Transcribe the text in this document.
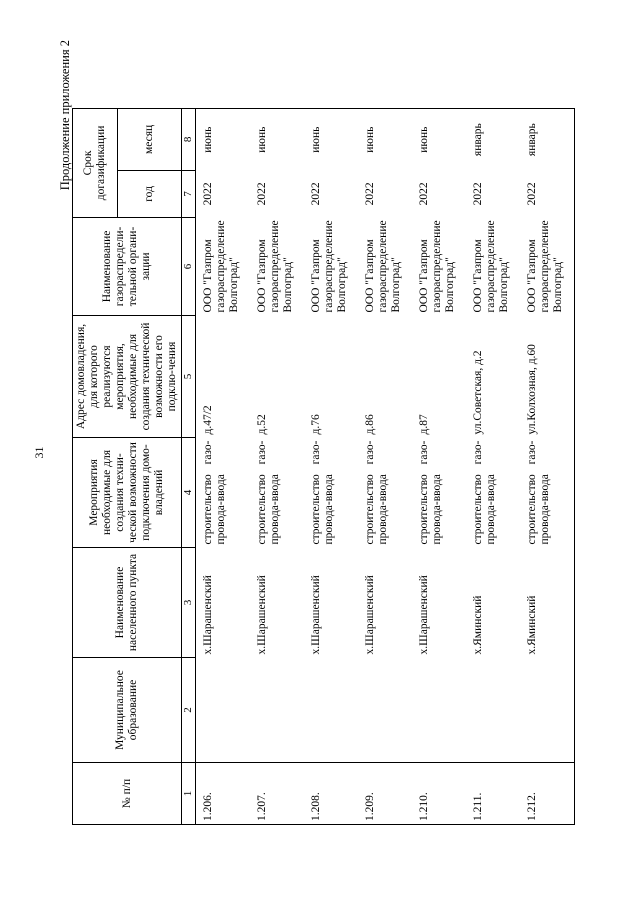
31
Продолжение приложения 2
№ п/п	Муниципальное образование	Наименование населенного пункта	Мероприятия необходимые для создания техни-ческой возможности подключения домо-владений	Адрес домовладения, для которого реализуются мероприятия, необходимые для создания технической возможности его подклю-чения	Наименование газораспредели-тельной органи-зации	Срок догазификации	
						год	месяц
1	2	3	4	5	6	7	8
1.206.		х.Шарашенский	строительство газо- провода-ввода	д.47/2	ООО "Газпром газораспределение Волгоград"	2022	июнь
1.207.		х.Шарашенский	строительство газо- провода-ввода	д.52	ООО "Газпром газораспределение Волгоград"	2022	июнь
1.208.		х.Шарашенский	строительство газо- провода-ввода	д.76	ООО "Газпром газораспределение Волгоград"	2022	июнь
1.209.		х.Шарашенский	строительство газо- провода-ввода	д.86	ООО "Газпром газораспределение Волгоград"	2022	июнь
1.210.		х.Шарашенский	строительство газо- провода-ввода	д.87	ООО "Газпром газораспределение Волгоград"	2022	июнь
1.211.		х.Яминский	строительство газо- провода-ввода	ул.Советская, д.2	ООО "Газпром газораспределение Волгоград"	2022	январь
1.212.		х.Яминский	строительство газо- провода-ввода	ул.Колхозная, д.60	ООО "Газпром газораспределение Волгоград"	2022	январь
